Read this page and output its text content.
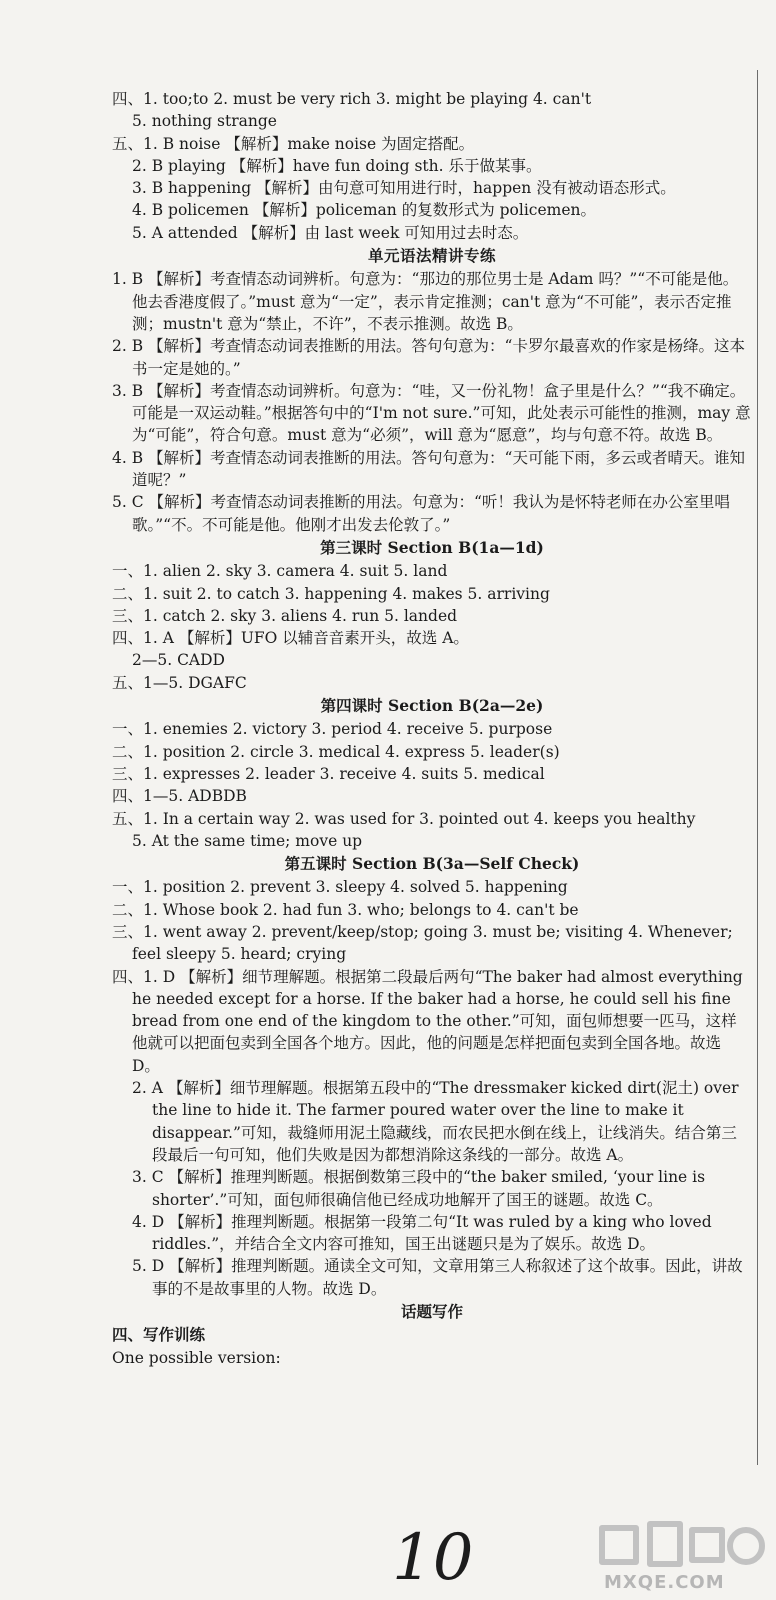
四、1. too;to 2. must be very rich 3. might be playing 4. can't
5. nothing strange
五、1. B noise 【解析】make noise 为固定搭配。
2. B playing 【解析】have fun doing sth. 乐于做某事。
3. B happening 【解析】由句意可知用进行时，happen 没有被动语态形式。
4. B policemen 【解析】policeman 的复数形式为 policemen。
5. A attended 【解析】由 last week 可知用过去时态。
单元语法精讲专练
1. B 【解析】考查情态动词辨析。句意为：“那边的那位男士是 Adam 吗？”“不可能是他。他去香港度假了。”must 意为“一定”，表示肯定推测；can't 意为“不可能”，表示否定推测；mustn't 意为“禁止，不许”，不表示推测。故选 B。
2. B 【解析】考查情态动词表推断的用法。答句句意为：“卡罗尔最喜欢的作家是杨绛。这本书一定是她的。”
3. B 【解析】考查情态动词辨析。句意为：“哇，又一份礼物！盒子里是什么？”“我不确定。可能是一双运动鞋。”根据答句中的“I'm not sure.”可知，此处表示可能性的推测，may 意为“可能”，符合句意。must 意为“必须”，will 意为“愿意”，均与句意不符。故选 B。
4. B 【解析】考查情态动词表推断的用法。答句句意为：“天可能下雨，多云或者晴天。谁知道呢？”
5. C 【解析】考查情态动词表推断的用法。句意为：“听！我认为是怀特老师在办公室里唱歌。”“不。不可能是他。他刚才出发去伦敦了。”
第三课时 Section B(1a—1d)
一、1. alien 2. sky 3. camera 4. suit 5. land
二、1. suit 2. to catch 3. happening 4. makes 5. arriving
三、1. catch 2. sky 3. aliens 4. run 5. landed
四、1. A 【解析】UFO 以辅音音素开头，故选 A。
2—5. CADD
五、1—5. DGAFC
第四课时 Section B(2a—2e)
一、1. enemies 2. victory 3. period 4. receive 5. purpose
二、1. position 2. circle 3. medical 4. express 5. leader(s)
三、1. expresses 2. leader 3. receive 4. suits 5. medical
四、1—5. ADBDB
五、1. In a certain way 2. was used for 3. pointed out 4. keeps you healthy
5. At the same time; move up
第五课时 Section B(3a—Self Check)
一、1. position 2. prevent 3. sleepy 4. solved 5. happening
二、1. Whose book 2. had fun 3. who; belongs to 4. can't be
三、1. went away 2. prevent/keep/stop; going 3. must be; visiting 4. Whenever; feel sleepy 5. heard; crying
四、1. D 【解析】细节理解题。根据第二段最后两句“The baker had almost everything he needed except for a horse. If the baker had a horse, he could sell his fine bread from one end of the kingdom to the other.”可知，面包师想要一匹马，这样他就可以把面包卖到全国各个地方。因此，他的问题是怎样把面包卖到全国各地。故选 D。
2. A 【解析】细节理解题。根据第五段中的“The dressmaker kicked dirt(泥土) over the line to hide it. The farmer poured water over the line to make it disappear.”可知，裁缝师用泥土隐藏线，而农民把水倒在线上，让线消失。结合第三段最后一句可知，他们失败是因为都想消除这条线的一部分。故选 A。
3. C 【解析】推理判断题。根据倒数第三段中的“the baker smiled, ‘your line is shorter’.”可知，面包师很确信他已经成功地解开了国王的谜题。故选 C。
4. D 【解析】推理判断题。根据第一段第二句“It was ruled by a king who loved riddles.”，并结合全文内容可推知，国王出谜题只是为了娱乐。故选 D。
5. D 【解析】推理判断题。通读全文可知，文章用第三人称叙述了这个故事。因此，讲故事的不是故事里的人物。故选 D。
话题写作
四、写作训练
One possible version:
10	MXQE.COM
